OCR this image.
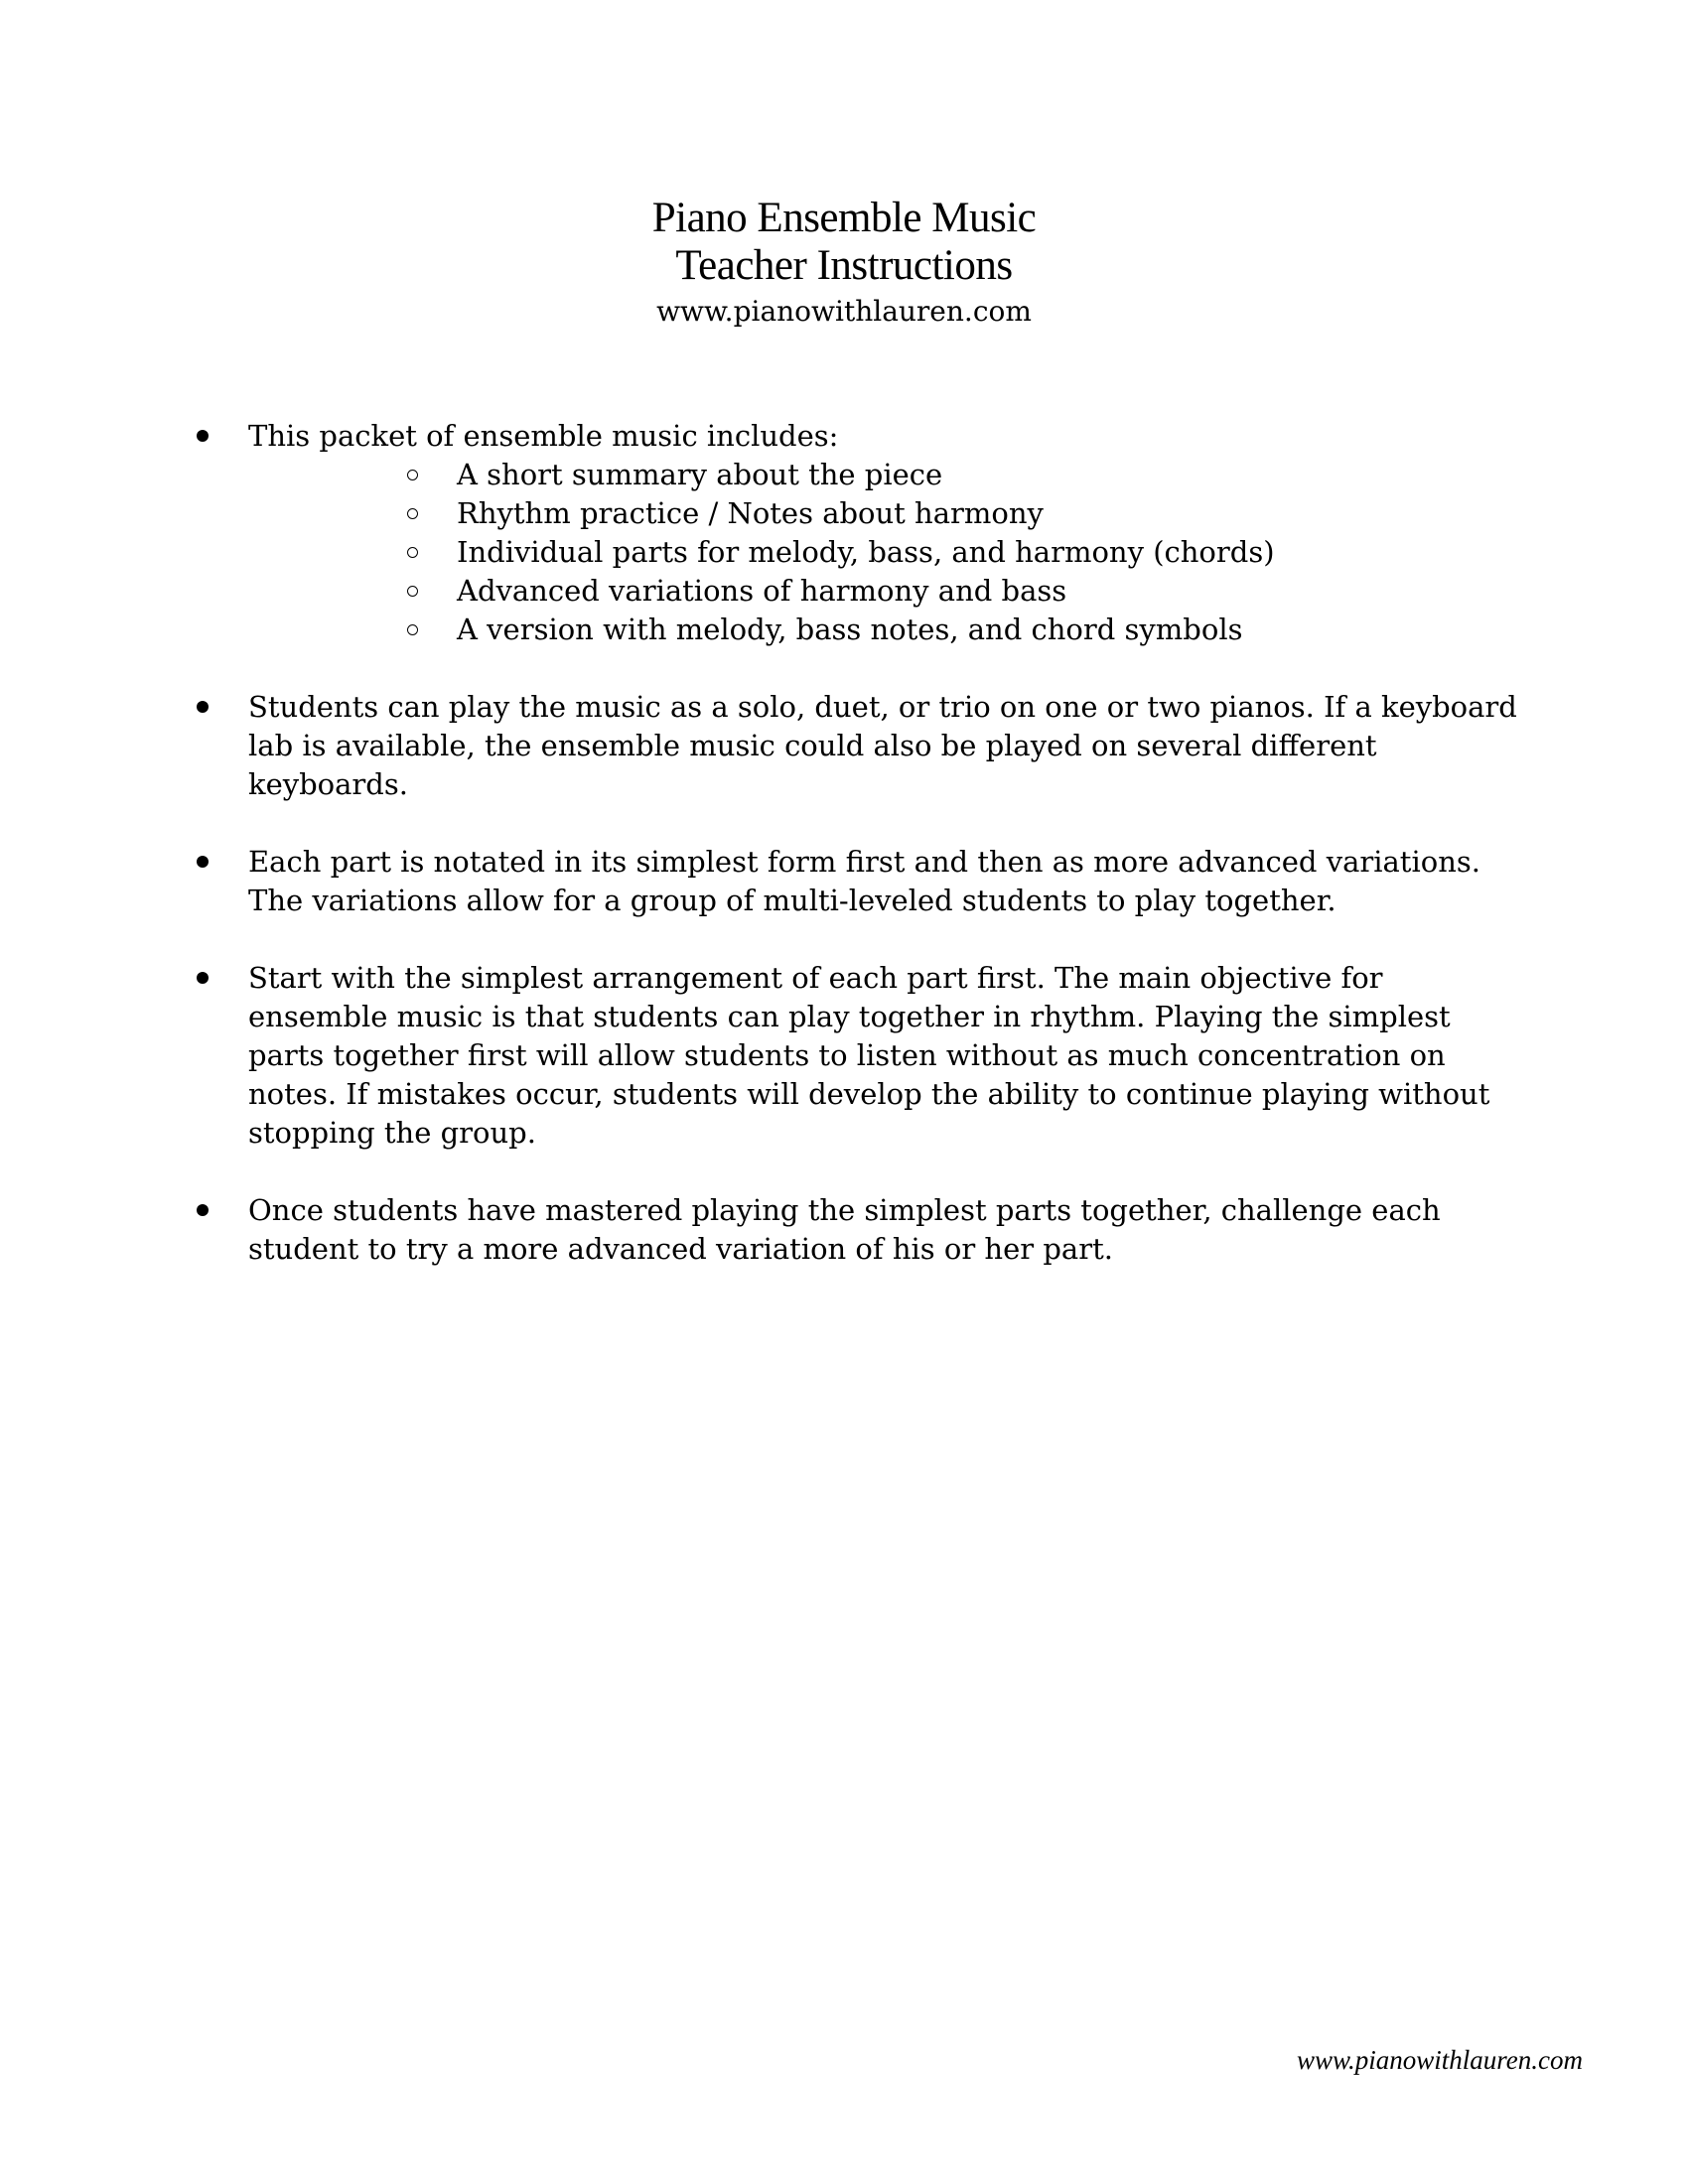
Piano Ensemble Music
Teacher Instructions

www.pianowithlauren.com

This packet of ensemble music includes:
A short summary about the piece
Rhythm practice / Notes about harmony
Individual parts for melody, bass, and harmony (chords)
Advanced variations of harmony and bass
A version with melody, bass notes, and chord symbols
Students can play the music as a solo, duet, or trio on one or two pianos. If a keyboard lab is available, the ensemble music could also be played on several different keyboards.
Each part is notated in its simplest form first and then as more advanced variations. The variations allow for a group of multi-leveled students to play together.
Start with the simplest arrangement of each part first. The main objective for ensemble music is that students can play together in rhythm. Playing the simplest parts together first will allow students to listen without as much concentration on notes. If mistakes occur, students will develop the ability to continue playing without stopping the group.
Once students have mastered playing the simplest parts together, challenge each student to try a more advanced variation of his or her part.
www.pianowithlauren.com
